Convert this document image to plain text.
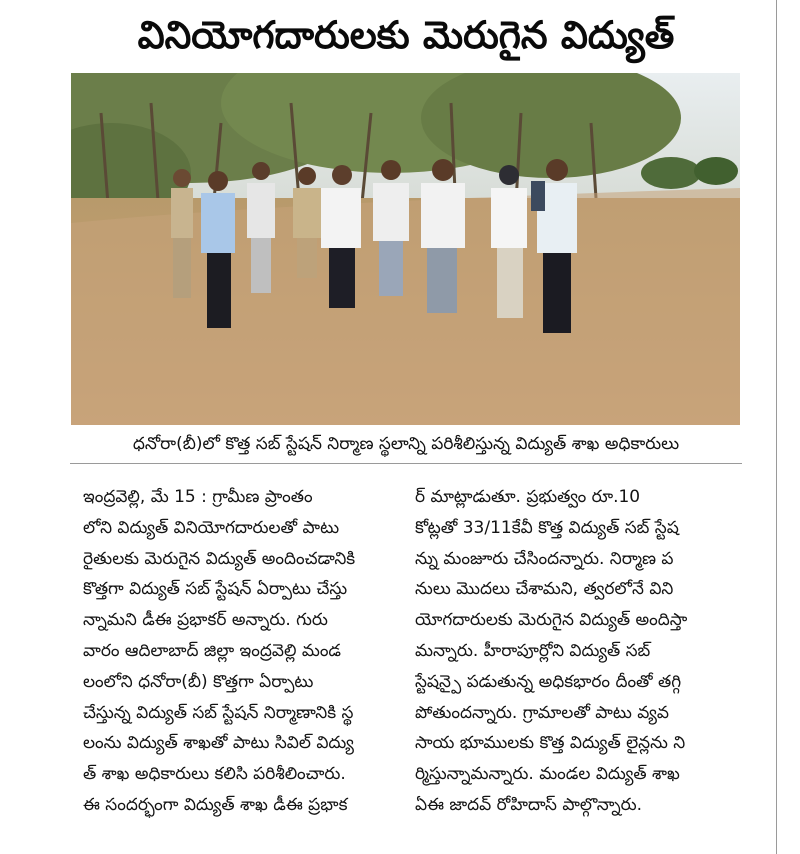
వినియోగదారులకు మెరుగైన విద్యుత్
ధనోరా(బీ)లో కొత్త సబ్ స్టేషన్ నిర్మాణ స్థలాన్ని పరిశీలిస్తున్న విద్యుత్ శాఖ అధికారులు
ఇంద్రవెల్లి, మే 15 : గ్రామీణ ప్రాంతం
లోని విద్యుత్ వినియోగదారులతో పాటు
రైతులకు మెరుగైన విద్యుత్ అందించడానికి
కొత్తగా విద్యుత్ సబ్ స్టేషన్ ఏర్పాటు చేస్తు
న్నామని డీఈ ప్రభాకర్ అన్నారు. గురు
వారం ఆదిలాబాద్ జిల్లా ఇంద్రవెల్లి మండ
లంలోని ధనోరా(బీ) కొత్తగా ఏర్పాటు
చేస్తున్న విద్యుత్ సబ్ స్టేషన్ నిర్మాణానికి స్థ
లంను విద్యుత్ శాఖతో పాటు సివిల్ విద్యు
త్ శాఖ అధికారులు కలిసి పరిశీలించారు.
ఈ సందర్భంగా విద్యుత్ శాఖ డీఈ ప్రభాక
ర్ మాట్లాడుతూ. ప్రభుత్వం రూ.10
కోట్లతో 33/11కేవీ కొత్త విద్యుత్ సబ్ స్టేష
న్ను మంజూరు చేసిందన్నారు. నిర్మాణ ప
నులు మొదలు చేశామని, త్వరలోనే విని
యోగదారులకు మెరుగైన విద్యుత్ అందిస్తా
మన్నారు. హీరాపూర్లోని విద్యుత్ సబ్
స్టేషన్పై పడుతున్న అధికభారం దీంతో తగ్గి
పోతుందన్నారు. గ్రామాలతో పాటు వ్యవ
సాయ భూములకు కొత్త విద్యుత్ లైన్లను ని
ర్మిస్తున్నామన్నారు. మండల విద్యుత్ శాఖ
ఏఈ జాదవ్ రోహిదాస్ పాల్గొన్నారు.
